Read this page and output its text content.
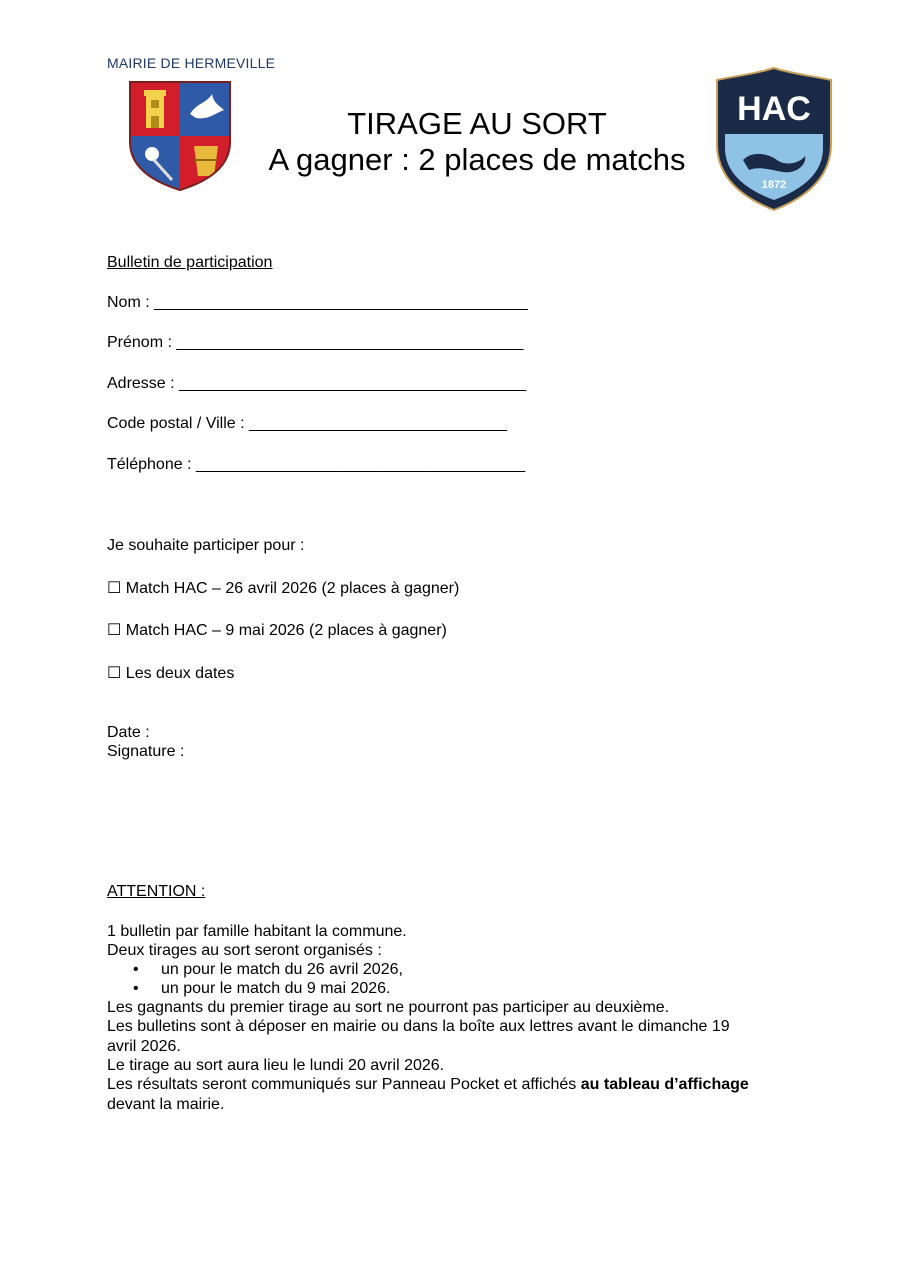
MAIRIE DE HERMEVILLE
TIRAGE AU SORT
A gagner : 2 places de matchs
HAC
1872
Bulletin de participation
Nom : __________________________________________
Prénom : _______________________________________
Adresse : _______________________________________
Code postal / Ville : _____________________________
Téléphone : _____________________________________
Je souhaite participer pour :
☐ Match HAC – 26 avril 2026 (2 places à gagner)
☐ Match HAC – 9 mai 2026 (2 places à gagner)
☐ Les deux dates
Date :
Signature :
ATTENTION :
1 bulletin par famille habitant la commune.
Deux tirages au sort seront organisés :
• un pour le match du 26 avril 2026,
• un pour le match du 9 mai 2026.
Les gagnants du premier tirage au sort ne pourront pas participer au deuxième.
Les bulletins sont à déposer en mairie ou dans la boîte aux lettres avant le dimanche 19
avril 2026.
Le tirage au sort aura lieu le lundi 20 avril 2026.
Les résultats seront communiqués sur Panneau Pocket et affichés au tableau d’affichage
devant la mairie.
